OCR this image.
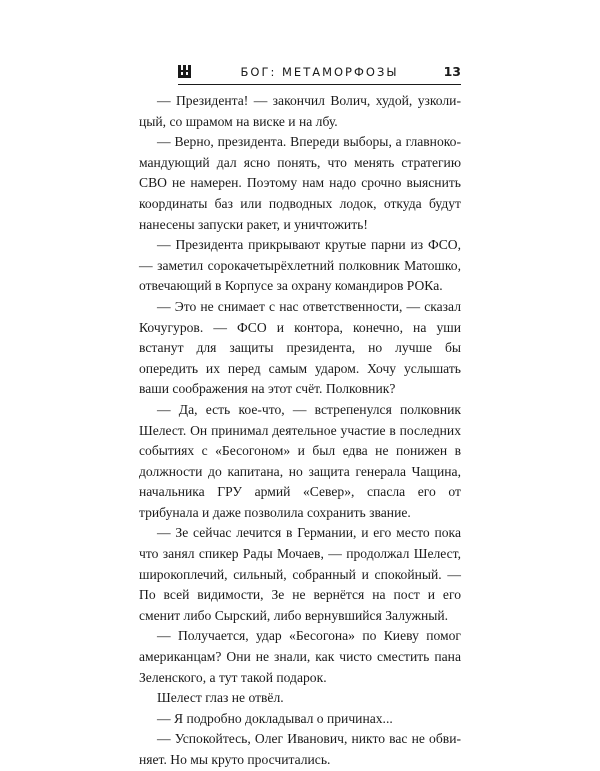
БОГ: МЕТАМОРФОЗЫ	13

— Президента! — закончил Волич, худой, узколицый, со шрамом на виске и на лбу.

— Верно, президента. Впереди выборы, а главнокомандующий дал ясно понять, что менять стратегию СВО не намерен. Поэтому нам надо срочно выяснить координаты баз или подводных лодок, откуда будут нанесены запуски ракет, и уничтожить!

— Президента прикрывают крутые парни из ФСО, — заметил сорокачетырёхлетний полковник Матошко, отвечающий в Корпусе за охрану командиров РОКа.

— Это не снимает с нас ответственности, — сказал Кочугуров. — ФСО и контора, конечно, на уши встанут для защиты президента, но лучше бы опередить их перед самым ударом. Хочу услышать ваши соображения на этот счёт. Полковник?

— Да, есть кое-что, — встрепенулся полковник Шелест. Он принимал деятельное участие в последних событиях с «Бесогоном» и был едва не понижен в должности до капитана, но защита генерала Чащина, начальника ГРУ армий «Север», спасла его от трибунала и даже позволила сохранить звание.

— Зе сейчас лечится в Германии, и его место пока что занял спикер Рады Мочаев, — продолжал Шелест, широкоплечий, сильный, собранный и спокойный. — По всей видимости, Зе не вернётся на пост и его сменит либо Сырский, либо вернувшийся Залужный.

— Получается, удар «Бесогона» по Киеву помог американцам? Они не знали, как чисто сместить пана Зеленского, а тут такой подарок.

Шелест глаз не отвёл.

— Я подробно докладывал о причинах...

— Успокойтесь, Олег Иванович, никто вас не обвиняет. Но мы круто просчитались.
